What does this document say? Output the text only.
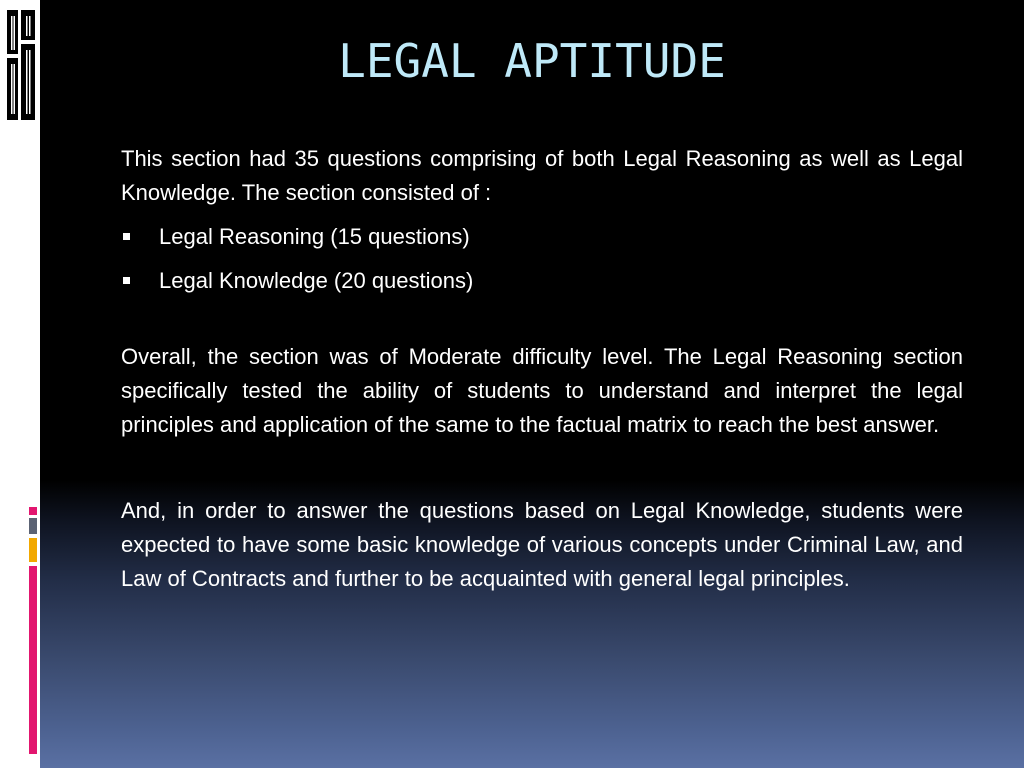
LEGAL APTITUDE

This section had 35 questions comprising of both Legal Reasoning as well as Legal Knowledge. The section consisted of :

Legal Reasoning (15 questions)
Legal Knowledge (20 questions)

Overall, the section was of Moderate difficulty level. The Legal Reasoning section specifically tested the ability of students to understand and interpret the legal principles and application of the same to the factual matrix to reach the best answer.

And, in order to answer the questions based on Legal Knowledge, students were expected to have some basic knowledge of various concepts under Criminal Law, and Law of Contracts and further to be acquainted with general legal principles.
